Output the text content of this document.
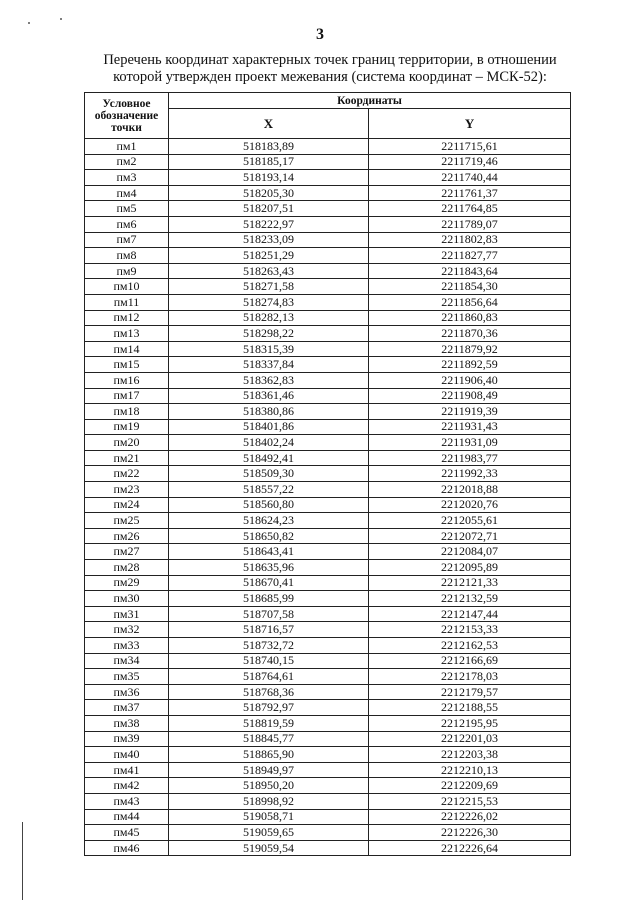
3
Перечень координат характерных точек границ территории, в отношении
которой утвержден проект межевания (система координат – МСК-52):
Условное обозначение точки	Координаты	
	X	Y
пм1	518183,89	2211715,61
пм2	518185,17	2211719,46
пм3	518193,14	2211740,44
пм4	518205,30	2211761,37
пм5	518207,51	2211764,85
пм6	518222,97	2211789,07
пм7	518233,09	2211802,83
пм8	518251,29	2211827,77
пм9	518263,43	2211843,64
пм10	518271,58	2211854,30
пм11	518274,83	2211856,64
пм12	518282,13	2211860,83
пм13	518298,22	2211870,36
пм14	518315,39	2211879,92
пм15	518337,84	2211892,59
пм16	518362,83	2211906,40
пм17	518361,46	2211908,49
пм18	518380,86	2211919,39
пм19	518401,86	2211931,43
пм20	518402,24	2211931,09
пм21	518492,41	2211983,77
пм22	518509,30	2211992,33
пм23	518557,22	2212018,88
пм24	518560,80	2212020,76
пм25	518624,23	2212055,61
пм26	518650,82	2212072,71
пм27	518643,41	2212084,07
пм28	518635,96	2212095,89
пм29	518670,41	2212121,33
пм30	518685,99	2212132,59
пм31	518707,58	2212147,44
пм32	518716,57	2212153,33
пм33	518732,72	2212162,53
пм34	518740,15	2212166,69
пм35	518764,61	2212178,03
пм36	518768,36	2212179,57
пм37	518792,97	2212188,55
пм38	518819,59	2212195,95
пм39	518845,77	2212201,03
пм40	518865,90	2212203,38
пм41	518949,97	2212210,13
пм42	518950,20	2212209,69
пм43	518998,92	2212215,53
пм44	519058,71	2212226,02
пм45	519059,65	2212226,30
пм46	519059,54	2212226,64
